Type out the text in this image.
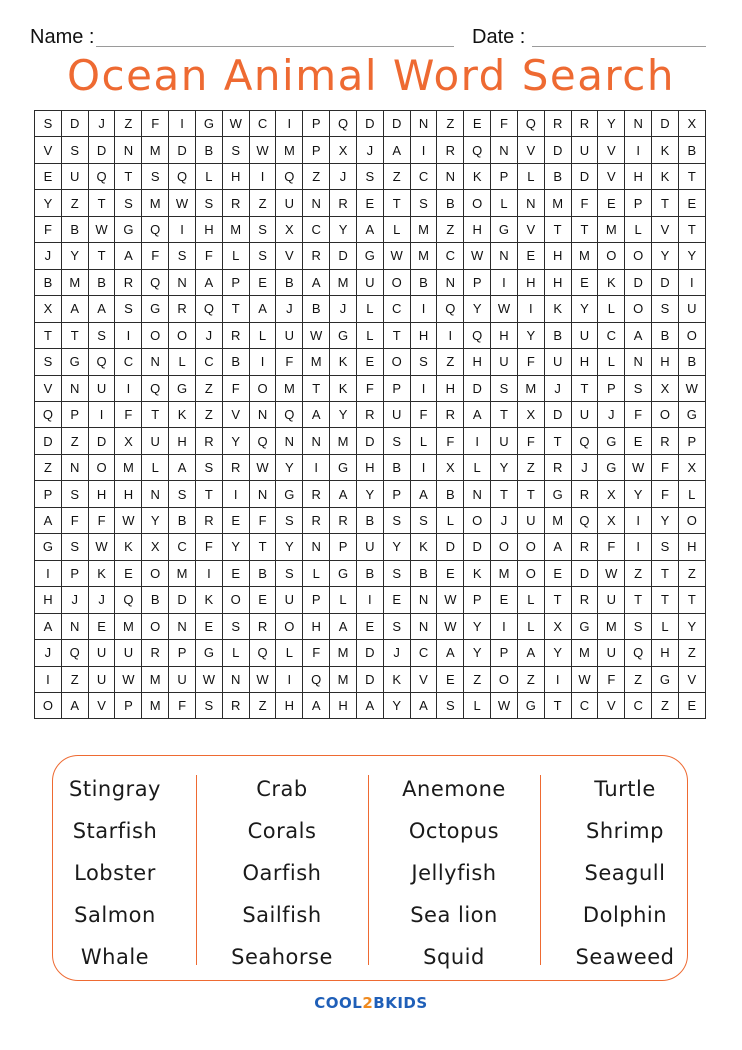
Name :	Date :
Ocean Animal Word Search
S	D	J	Z	F	I	G	W	C	I	P	Q	D	D	N	Z	E	F	Q	R	R	Y	N	D	X
V	S	D	N	M	D	B	S	W	M	P	X	J	A	I	R	Q	N	V	D	U	V	I	K	B
E	U	Q	T	S	Q	L	H	I	Q	Z	J	S	Z	C	N	K	P	L	B	D	V	H	K	T
Y	Z	T	S	M	W	S	R	Z	U	N	R	E	T	S	B	O	L	N	M	F	E	P	T	E
F	B	W	G	Q	I	H	M	S	X	C	Y	A	L	M	Z	H	G	V	T	T	M	L	V	T
J	Y	T	A	F	S	F	L	S	V	R	D	G	W	M	C	W	N	E	H	M	O	O	Y	Y
B	M	B	R	Q	N	A	P	E	B	A	M	U	O	B	N	P	I	H	H	E	K	D	D	I
X	A	A	S	G	R	Q	T	A	J	B	J	L	C	I	Q	Y	W	I	K	Y	L	O	S	U
T	T	S	I	O	O	J	R	L	U	W	G	L	T	H	I	Q	H	Y	B	U	C	A	B	O
S	G	Q	C	N	L	C	B	I	F	M	K	E	O	S	Z	H	U	F	U	H	L	N	H	B
V	N	U	I	Q	G	Z	F	O	M	T	K	F	P	I	H	D	S	M	J	T	P	S	X	W
Q	P	I	F	T	K	Z	V	N	Q	A	Y	R	U	F	R	A	T	X	D	U	J	F	O	G
D	Z	D	X	U	H	R	Y	Q	N	N	M	D	S	L	F	I	U	F	T	Q	G	E	R	P
Z	N	O	M	L	A	S	R	W	Y	I	G	H	B	I	X	L	Y	Z	R	J	G	W	F	X
P	S	H	H	N	S	T	I	N	G	R	A	Y	P	A	B	N	T	T	G	R	X	Y	F	L
A	F	F	W	Y	B	R	E	F	S	R	R	B	S	S	L	O	J	U	M	Q	X	I	Y	O
G	S	W	K	X	C	F	Y	T	Y	N	P	U	Y	K	D	D	O	O	A	R	F	I	S	H
I	P	K	E	O	M	I	E	B	S	L	G	B	S	B	E	K	M	O	E	D	W	Z	T	Z
H	J	J	Q	B	D	K	O	E	U	P	L	I	E	N	W	P	E	L	T	R	U	T	T	T
A	N	E	M	O	N	E	S	R	O	H	A	E	S	N	W	Y	I	L	X	G	M	S	L	Y
J	Q	U	U	R	P	G	L	Q	L	F	M	D	J	C	A	Y	P	A	Y	M	U	Q	H	Z
I	Z	U	W	M	U	W	N	W	I	Q	M	D	K	V	E	Z	O	Z	I	W	F	Z	G	V
O	A	V	P	M	F	S	R	Z	H	A	H	A	Y	A	S	L	W	G	T	C	V	C	Z	E
Stingray
Starfish
Lobster
Salmon
Whale
Crab
Corals
Oarfish
Sailfish
Seahorse
Anemone
Octopus
Jellyfish
Sea lion
Squid
Turtle
Shrimp
Seagull
Dolphin
Seaweed
COOL2BKIDS
